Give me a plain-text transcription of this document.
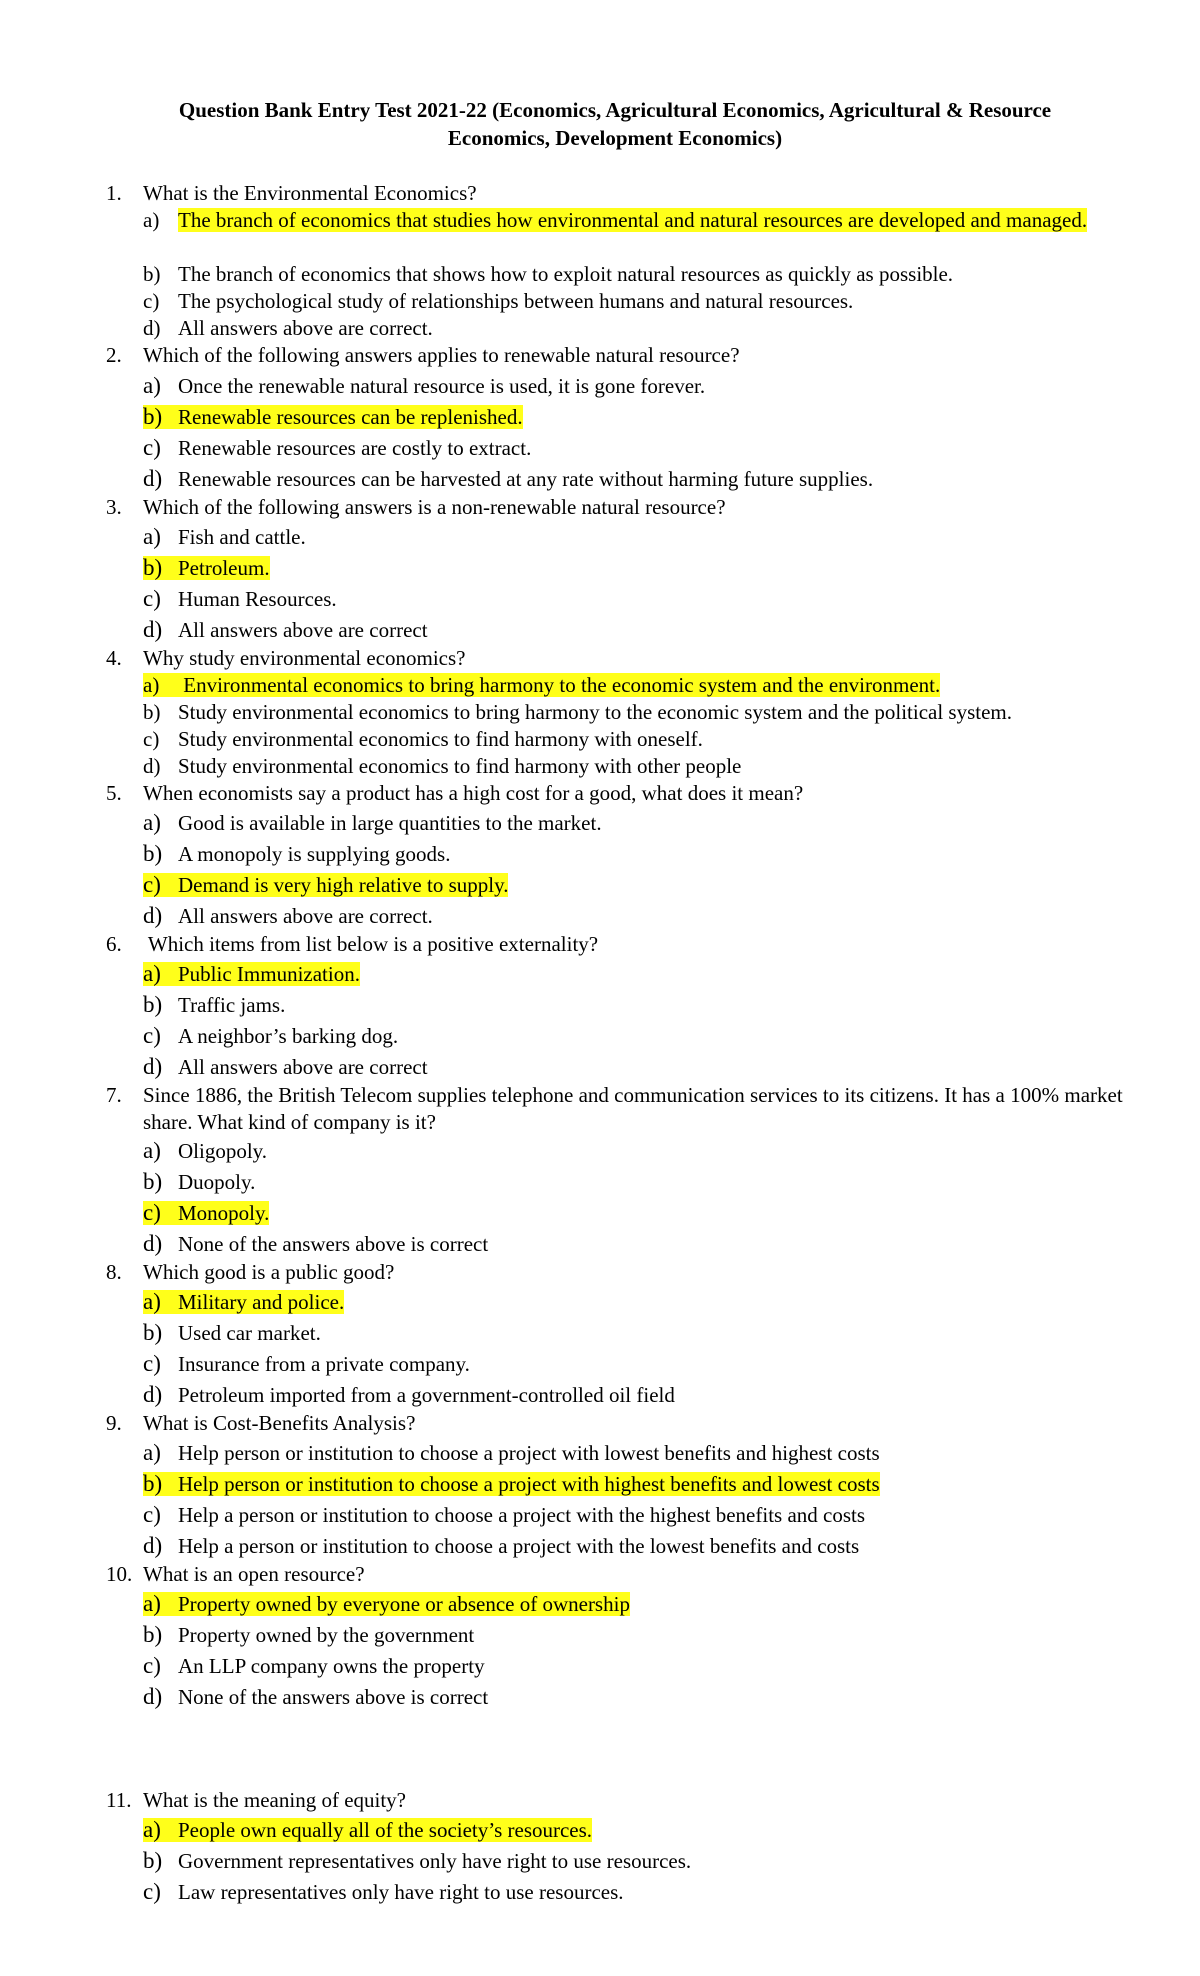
Question Bank Entry Test 2021-22 (Economics, Agricultural Economics, Agricultural & Resource
Economics, Development Economics)
1. What is the Environmental Economics?
a) The branch of economics that studies how environmental and natural resources are developed and managed.
b) The branch of economics that shows how to exploit natural resources as quickly as possible.
c) The psychological study of relationships between humans and natural resources.
d) All answers above are correct.
2. Which of the following answers applies to renewable natural resource?
a) Once the renewable natural resource is used, it is gone forever.
b) Renewable resources can be replenished.
c) Renewable resources are costly to extract.
d) Renewable resources can be harvested at any rate without harming future supplies.
3. Which of the following answers is a non-renewable natural resource?
a) Fish and cattle.
b) Petroleum.
c) Human Resources.
d) All answers above are correct
4. Why study environmental economics?
a) Environmental economics to bring harmony to the economic system and the environment.
b) Study environmental economics to bring harmony to the economic system and the political system.
c) Study environmental economics to find harmony with oneself.
d) Study environmental economics to find harmony with other people
5. When economists say a product has a high cost for a good, what does it mean?
a) Good is available in large quantities to the market.
b) A monopoly is supplying goods.
c) Demand is very high relative to supply.
d) All answers above are correct.
6. Which items from list below is a positive externality?
a) Public Immunization.
b) Traffic jams.
c) A neighbor’s barking dog.
d) All answers above are correct
7. Since 1886, the British Telecom supplies telephone and communication services to its citizens. It has a 100% market share. What kind of company is it?
a) Oligopoly.
b) Duopoly.
c) Monopoly.
d) None of the answers above is correct
8. Which good is a public good?
a) Military and police.
b) Used car market.
c) Insurance from a private company.
d) Petroleum imported from a government-controlled oil field
9. What is Cost-Benefits Analysis?
a) Help person or institution to choose a project with lowest benefits and highest costs
b) Help person or institution to choose a project with highest benefits and lowest costs
c) Help a person or institution to choose a project with the highest benefits and costs
d) Help a person or institution to choose a project with the lowest benefits and costs
10. What is an open resource?
a) Property owned by everyone or absence of ownership
b) Property owned by the government
c) An LLP company owns the property
d) None of the answers above is correct
11. What is the meaning of equity?
a) People own equally all of the society’s resources.
b) Government representatives only have right to use resources.
c) Law representatives only have right to use resources.
